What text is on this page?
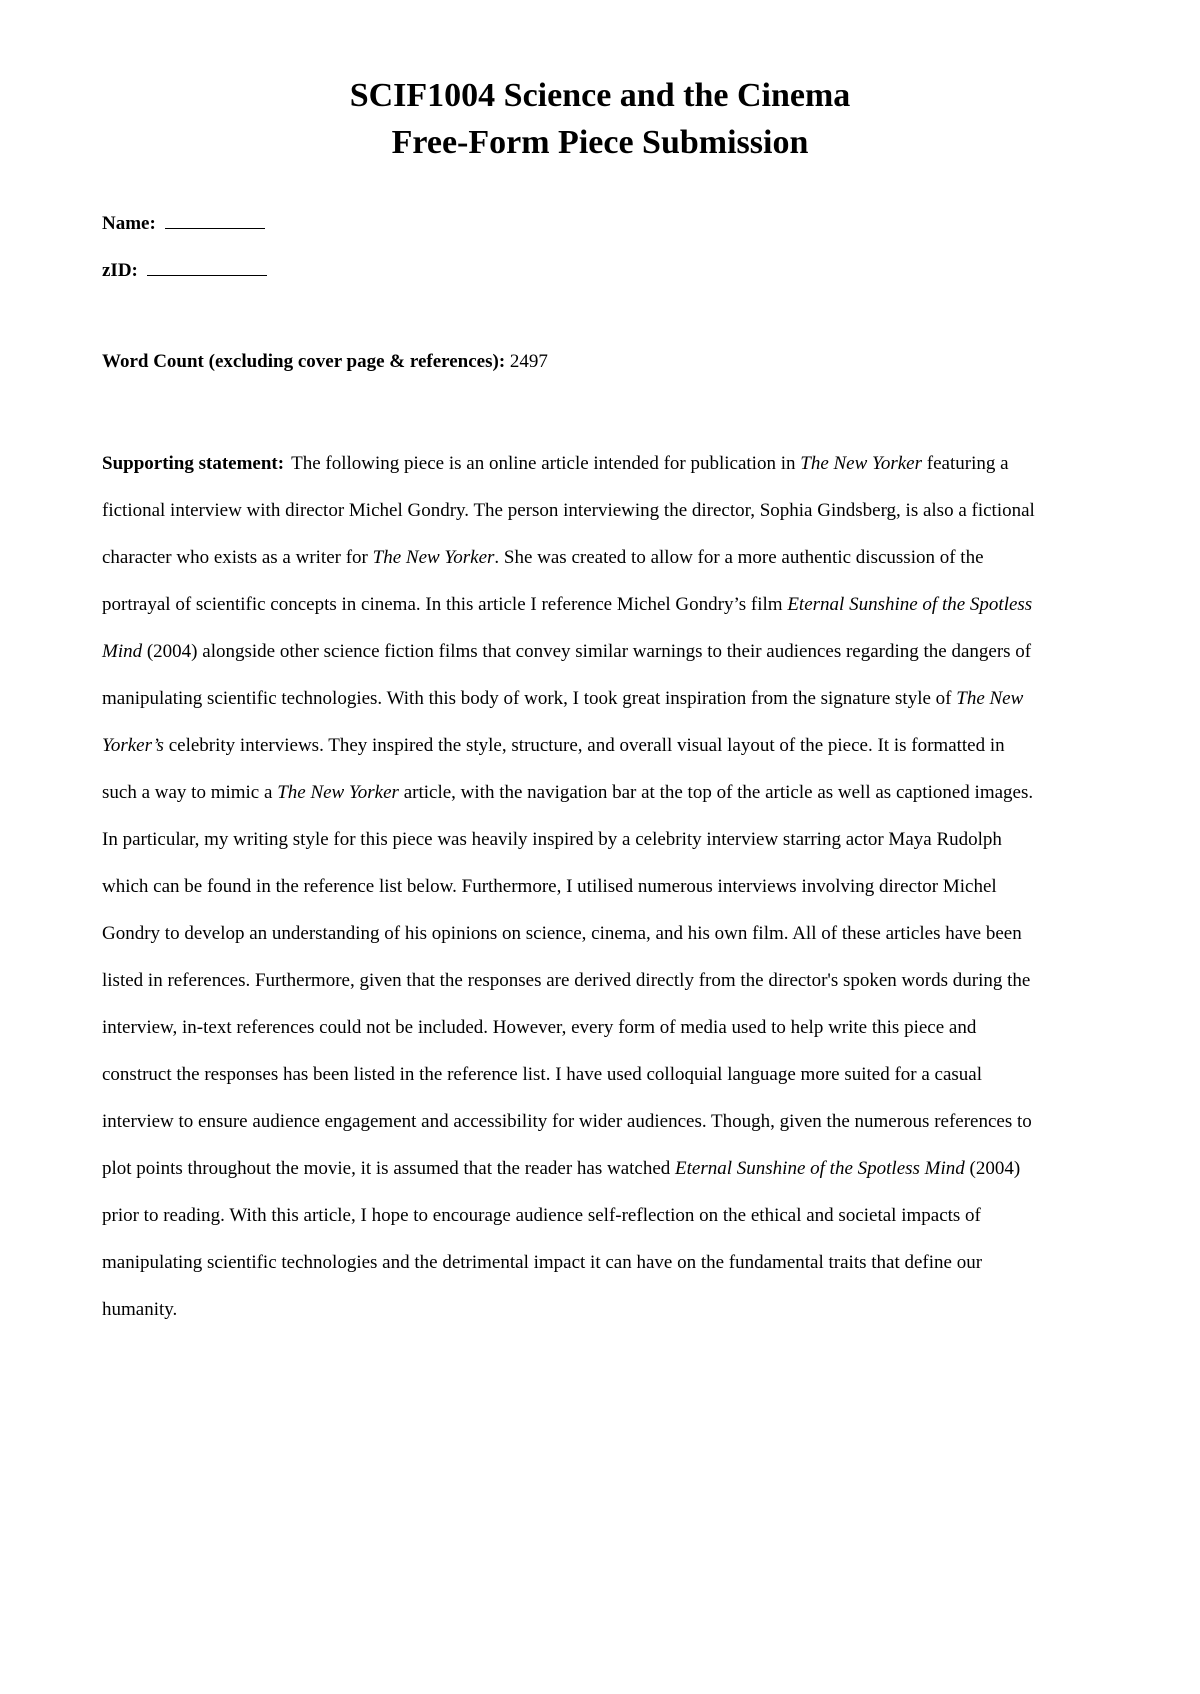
SCIF1004 Science and the Cinema
Free-Form Piece Submission
Name:
zID:
Word Count (excluding cover page & references): 2497
Supporting statement: The following piece is an online article intended for publication in The New Yorker featuring a
fictional interview with director Michel Gondry. The person interviewing the director, Sophia Gindsberg, is also a fictional
character who exists as a writer for The New Yorker. She was created to allow for a more authentic discussion of the
portrayal of scientific concepts in cinema. In this article I reference Michel Gondry’s film Eternal Sunshine of the Spotless
Mind (2004) alongside other science fiction films that convey similar warnings to their audiences regarding the dangers of
manipulating scientific technologies. With this body of work, I took great inspiration from the signature style of The New
Yorker’s celebrity interviews. They inspired the style, structure, and overall visual layout of the piece. It is formatted in
such a way to mimic a The New Yorker article, with the navigation bar at the top of the article as well as captioned images.
In particular, my writing style for this piece was heavily inspired by a celebrity interview starring actor Maya Rudolph
which can be found in the reference list below. Furthermore, I utilised numerous interviews involving director Michel
Gondry to develop an understanding of his opinions on science, cinema, and his own film. All of these articles have been
listed in references. Furthermore, given that the responses are derived directly from the director's spoken words during the
interview, in-text references could not be included. However, every form of media used to help write this piece and
construct the responses has been listed in the reference list. I have used colloquial language more suited for a casual
interview to ensure audience engagement and accessibility for wider audiences. Though, given the numerous references to
plot points throughout the movie, it is assumed that the reader has watched Eternal Sunshine of the Spotless Mind (2004)
prior to reading. With this article, I hope to encourage audience self-reflection on the ethical and societal impacts of
manipulating scientific technologies and the detrimental impact it can have on the fundamental traits that define our
humanity.
